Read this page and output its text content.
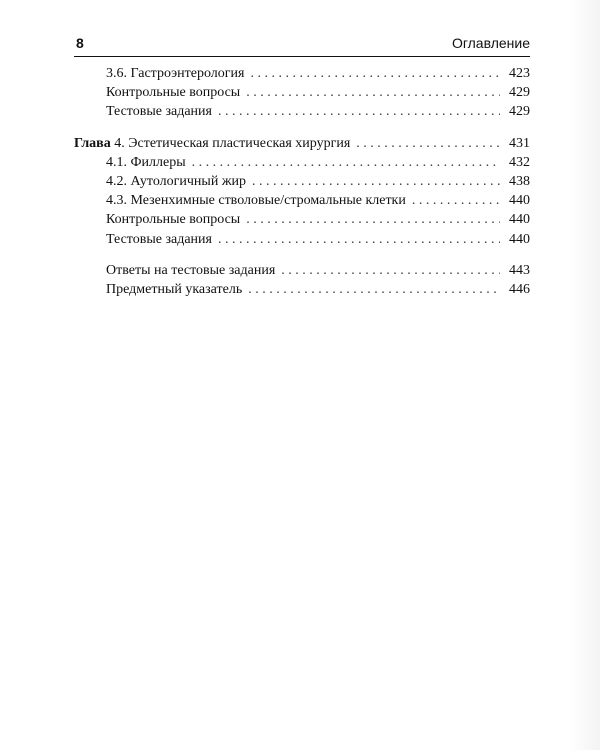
8	Оглавление
3.6. Гастроэнтерология . . .	423
Контрольные вопросы . . .	429
Тестовые задания . . .	429
Глава 4. Эстетическая пластическая хирургия . . .	431
4.1. Филлеры . . .	432
4.2. Аутологичный жир . . .	438
4.3. Мезенхимные стволовые/стромальные клетки . . .	440
Контрольные вопросы . . .	440
Тестовые задания . . .	440
Ответы на тестовые задания . . .	443
Предметный указатель . . .	446
